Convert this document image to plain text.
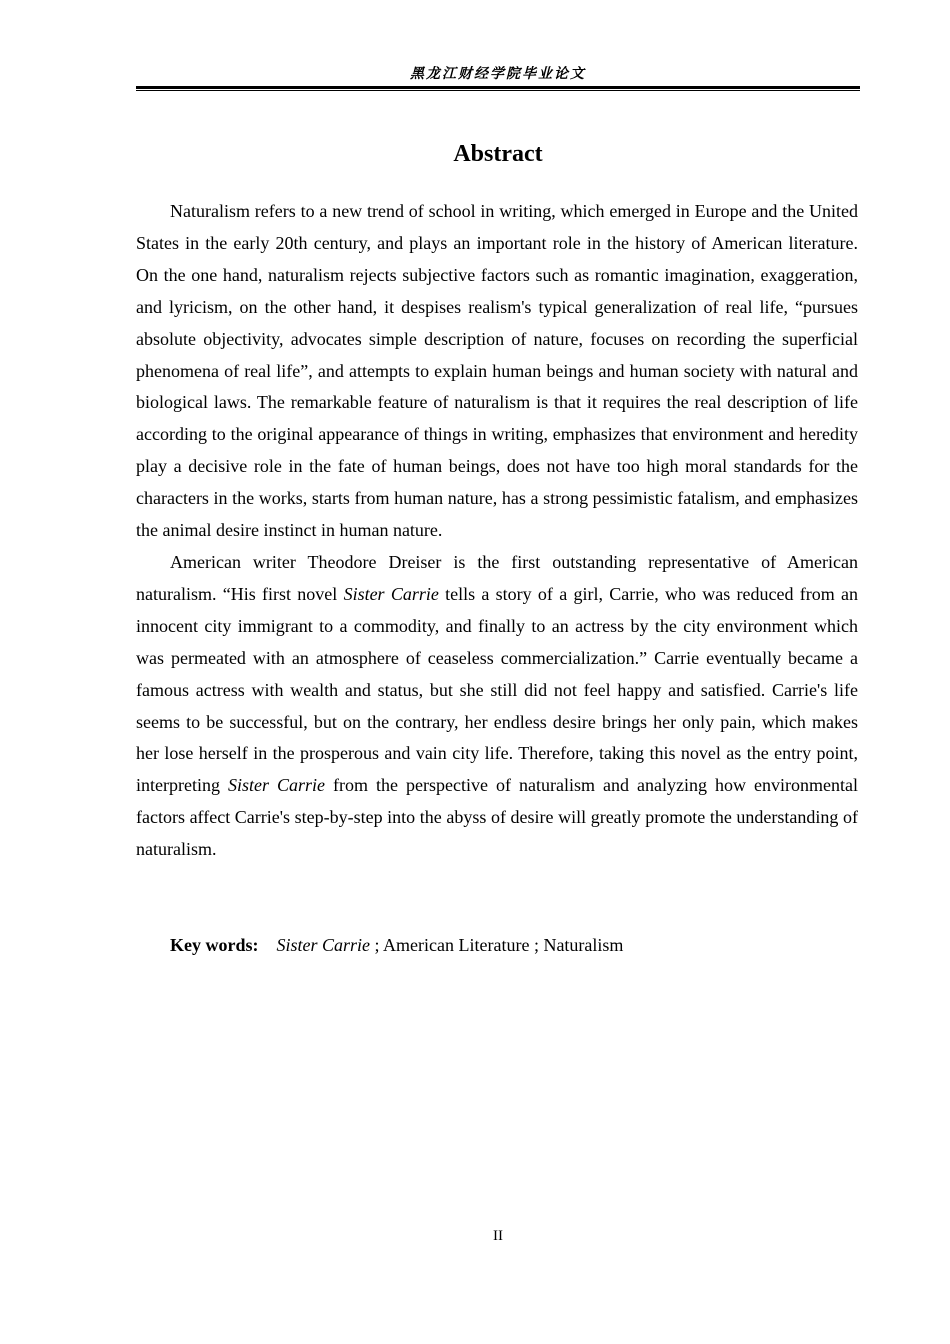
黑龙江财经学院毕业论文
Abstract

Naturalism refers to a new trend of school in writing, which emerged in Europe and the United States in the early 20th century, and plays an important role in the history of American literature. On the one hand, naturalism rejects subjective factors such as romantic imagination, exaggeration, and lyricism, on the other hand, it despises realism's typical generalization of real life, “pursues absolute objectivity, advocates simple description of nature, focuses on recording the superficial phenomena of real life”, and attempts to explain human beings and human society with natural and biological laws. The remarkable feature of naturalism is that it requires the real description of life according to the original appearance of things in writing, emphasizes that environment and heredity play a decisive role in the fate of human beings, does not have too high moral standards for the characters in the works, starts from human nature, has a strong pessimistic fatalism, and emphasizes the animal desire instinct in human nature.

American writer Theodore Dreiser is the first outstanding representative of American naturalism. “His first novel Sister Carrie tells a story of a girl, Carrie, who was reduced from an innocent city immigrant to a commodity, and finally to an actress by the city environment which was permeated with an atmosphere of ceaseless commercialization.” Carrie eventually became a famous actress with wealth and status, but she still did not feel happy and satisfied. Carrie's life seems to be successful, but on the contrary, her endless desire brings her only pain, which makes her lose herself in the prosperous and vain city life. Therefore, taking this novel as the entry point, interpreting Sister Carrie from the perspective of naturalism and analyzing how environmental factors affect Carrie's step-by-step into the abyss of desire will greatly promote the understanding of naturalism.

Key words: Sister Carrie ; American Literature ; Naturalism
II
